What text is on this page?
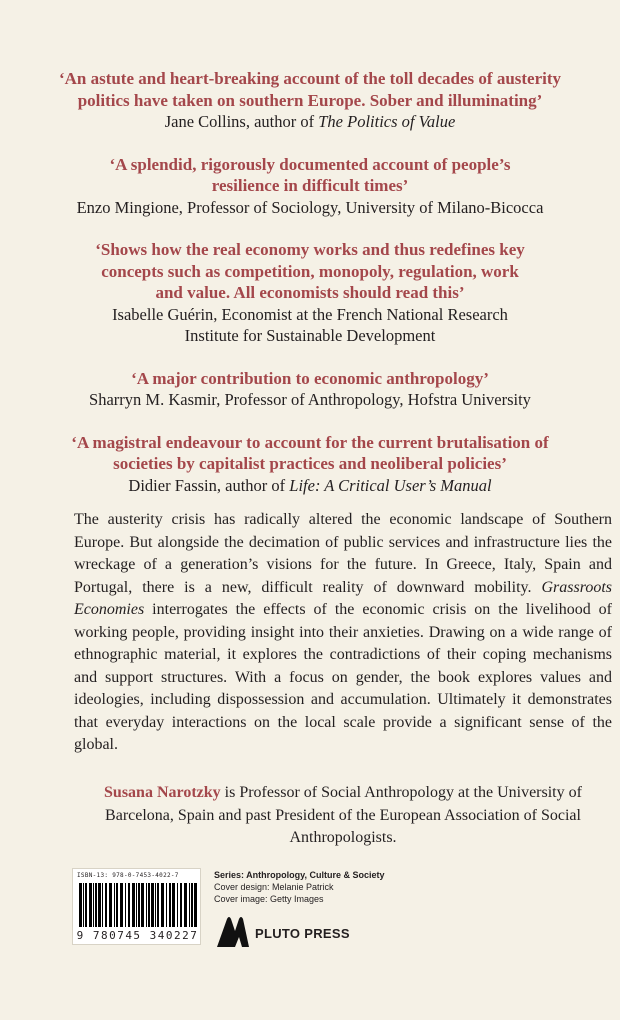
‘An astute and heart-breaking account of the toll decades of austerity
politics have taken on southern Europe. Sober and illuminating’
Jane Collins, author of The Politics of Value
‘A splendid, rigorously documented account of people’s
resilience in difficult times’
Enzo Mingione, Professor of Sociology, University of Milano-Bicocca
‘Shows how the real economy works and thus redefines key
concepts such as competition, monopoly, regulation, work
and value. All economists should read this’
Isabelle Guérin, Economist at the French National Research
Institute for Sustainable Development
‘A major contribution to economic anthropology’
Sharryn M. Kasmir, Professor of Anthropology, Hofstra University
‘A magistral endeavour to account for the current brutalisation of
societies by capitalist practices and neoliberal policies’
Didier Fassin, author of Life: A Critical User’s Manual
The austerity crisis has radically altered the economic landscape of Southern Europe. But alongside the decimation of public services and infrastructure lies the wreckage of a generation’s visions for the future. In Greece, Italy, Spain and Portugal, there is a new, difficult reality of downward mobility. Grassroots Economies interrogates the effects of the economic crisis on the livelihood of working people, providing insight into their anxieties. Drawing on a wide range of ethnographic material, it explores the contradictions of their coping mechanisms and support structures. With a focus on gender, the book explores values and ideologies, including dispossession and accumulation. Ultimately it demonstrates that everyday interactions on the local scale provide a significant sense of the global.
Susana Narotzky is Professor of Social Anthropology at the University of Barcelona, Spain and past President of the European Association of Social Anthropologists.
ISBN-13: 978-0-7453-4022-7
9 780745 340227
Series: Anthropology, Culture & Society
Cover design: Melanie Patrick
Cover image: Getty Images
PLUTO PRESS
